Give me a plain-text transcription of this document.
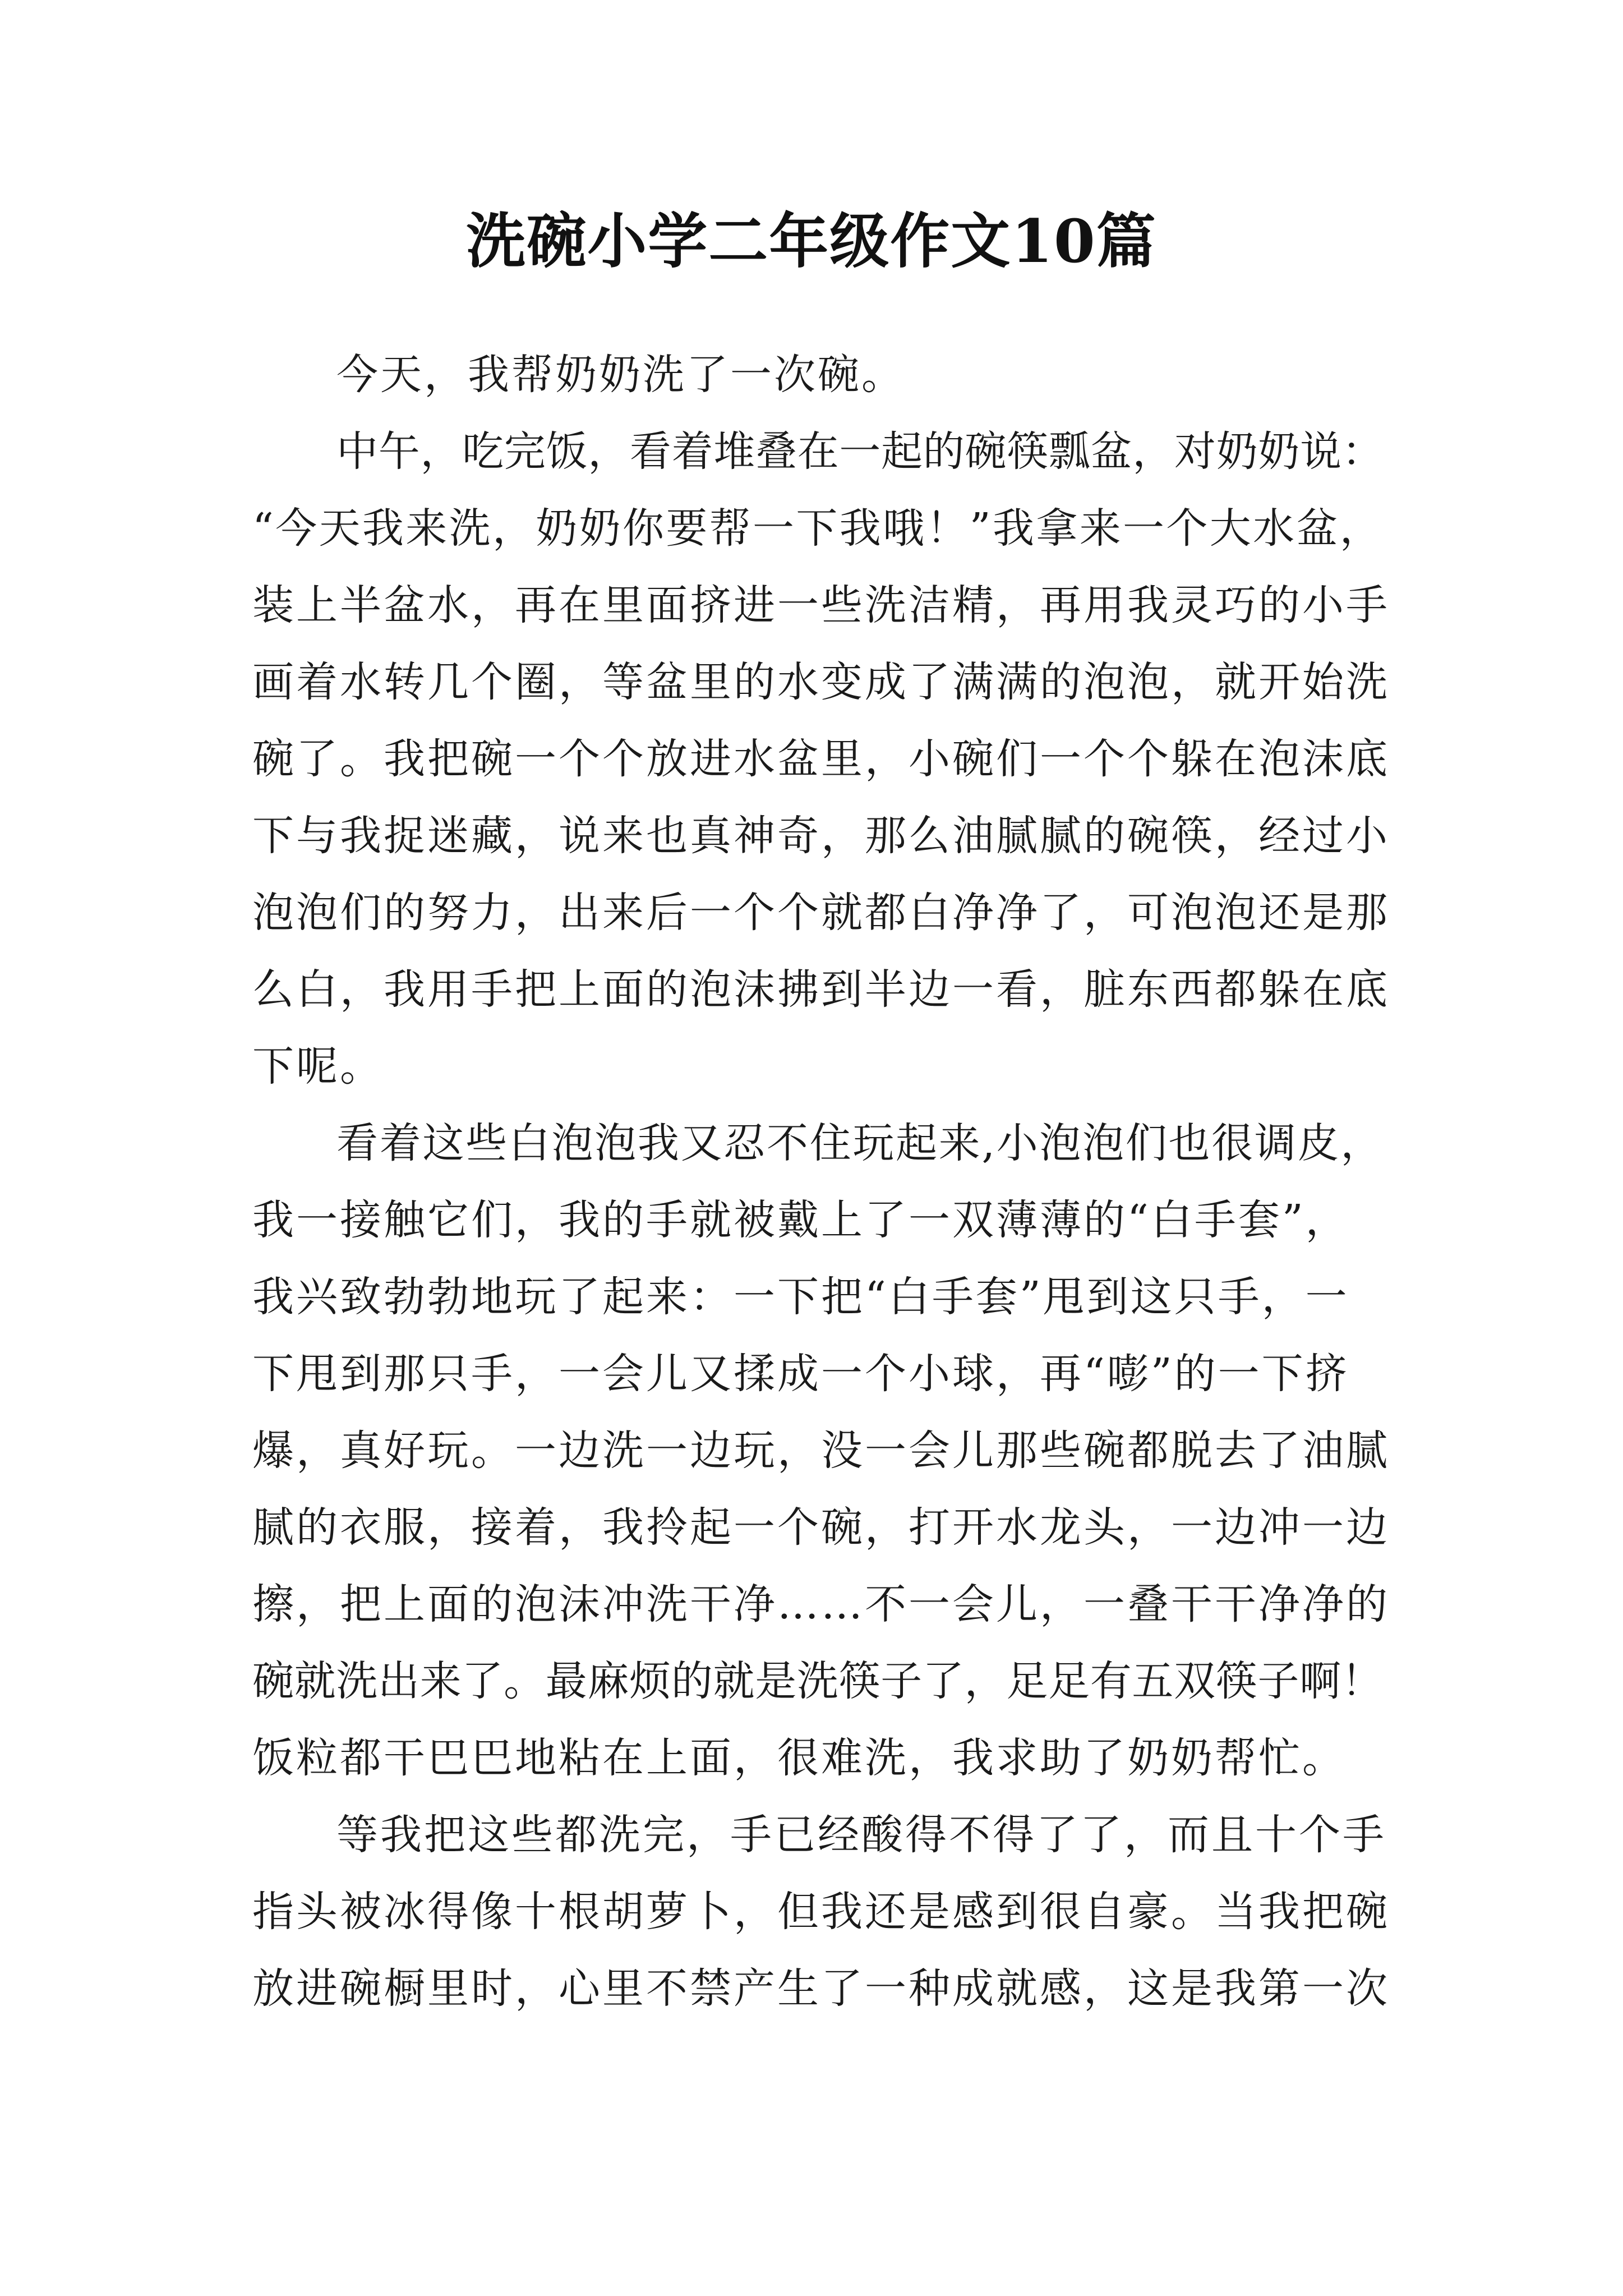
洗碗小学二年级作文10篇
今天，我帮奶奶洗了一次碗。
中午，吃完饭，看着堆叠在一起的碗筷瓢盆，对奶奶说：
“今天我来洗，奶奶你要帮一下我哦！”我拿来一个大水盆，
装上半盆水，再在里面挤进一些洗洁精，再用我灵巧的小手
画着水转几个圈，等盆里的水变成了满满的泡泡，就开始洗
碗了。我把碗一个个放进水盆里，小碗们一个个躲在泡沫底
下与我捉迷藏，说来也真神奇，那么油腻腻的碗筷，经过小
泡泡们的努力，出来后一个个就都白净净了，可泡泡还是那
么白，我用手把上面的泡沫拂到半边一看，脏东西都躲在底
下呢。
看着这些白泡泡我又忍不住玩起来,小泡泡们也很调皮，
我一接触它们，我的手就被戴上了一双薄薄的“白手套”，
我兴致勃勃地玩了起来：一下把“白手套”甩到这只手，一
下甩到那只手，一会儿又揉成一个小球，再“嘭”的一下挤
爆，真好玩。一边洗一边玩，没一会儿那些碗都脱去了油腻
腻的衣服，接着，我拎起一个碗，打开水龙头，一边冲一边
擦，把上面的泡沫冲洗干净……不一会儿，一叠干干净净的
碗就洗出来了。最麻烦的就是洗筷子了，足足有五双筷子啊！
饭粒都干巴巴地粘在上面，很难洗，我求助了奶奶帮忙。
等我把这些都洗完，手已经酸得不得了了，而且十个手
指头被冰得像十根胡萝卜，但我还是感到很自豪。当我把碗
放进碗橱里时，心里不禁产生了一种成就感，这是我第一次
